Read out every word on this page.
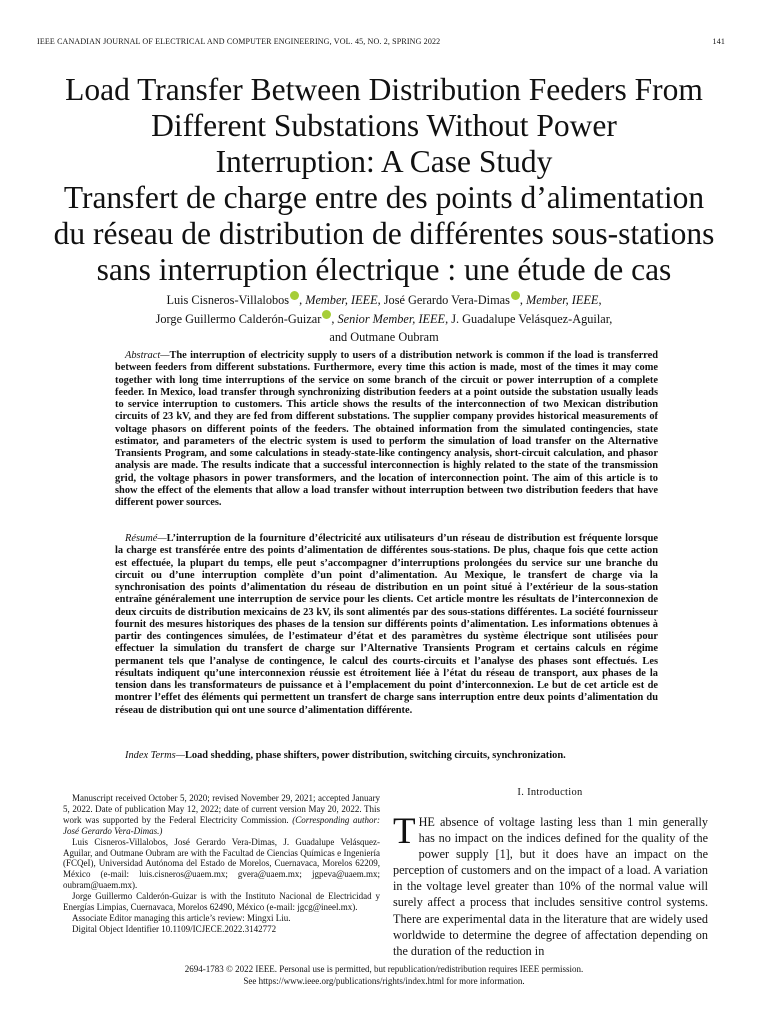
IEEE CANADIAN JOURNAL OF ELECTRICAL AND COMPUTER ENGINEERING, VOL. 45, NO. 2, SPRING 2022	141
Load Transfer Between Distribution Feeders From
Different Substations Without Power
Interruption: A Case Study
Transfert de charge entre des points d’alimentation
du réseau de distribution de différentes sous-stations
sans interruption électrique : une étude de cas
Luis Cisneros-Villalobos , Member, IEEE, José Gerardo Vera-Dimas , Member, IEEE,
Jorge Guillermo Calderón-Guizar , Senior Member, IEEE, J. Guadalupe Velásquez-Aguilar,
and Outmane Oubram
Abstract—The interruption of electricity supply to users of a distribution network is common if the load is transferred between feeders from different substations. Furthermore, every time this action is made, most of the times it may come together with long time interruptions of the service on some branch of the circuit or power interruption of a complete feeder. In Mexico, load transfer through synchronizing distribution feeders at a point outside the substation usually leads to service interruption to customers. This article shows the results of the interconnection of two Mexican distribution circuits of 23 kV, and they are fed from different substations. The supplier company provides historical measurements of voltage phasors on different points of the feeders. The obtained information from the simulated contingencies, state estimator, and parameters of the electric system is used to perform the simulation of load transfer on the Alternative Transients Program, and some calculations in steady-state-like contingency analysis, short-circuit calculation, and phasor analysis are made. The results indicate that a successful interconnection is highly related to the state of the transmission grid, the voltage phasors in power transformers, and the location of interconnection point. The aim of this article is to show the effect of the elements that allow a load transfer without interruption between two distribution feeders that have different power sources.
Résumé—L’interruption de la fourniture d’électricité aux utilisateurs d’un réseau de distribution est fréquente lorsque la charge est transférée entre des points d’alimentation de différentes sous-stations. De plus, chaque fois que cette action est effectuée, la plupart du temps, elle peut s’accompagner d’interruptions prolongées du service sur une branche du circuit ou d’une interruption complète d’un point d’alimentation. Au Mexique, le transfert de charge via la synchronisation des points d’alimentation du réseau de distribution en un point situé à l’extérieur de la sous-station entraîne généralement une interruption de service pour les clients. Cet article montre les résultats de l’interconnexion de deux circuits de distribution mexicains de 23 kV, ils sont alimentés par des sous-stations différentes. La société fournisseur fournit des mesures historiques des phases de la tension sur différents points d’alimentation. Les informations obtenues à partir des contingences simulées, de l’estimateur d’état et des paramètres du système électrique sont utilisées pour effectuer la simulation du transfert de charge sur l’Alternative Transients Program et certains calculs en régime permanent tels que l’analyse de contingence, le calcul des courts-circuits et l’analyse des phases sont effectués. Les résultats indiquent qu’une interconnexion réussie est étroitement liée à l’état du réseau de transport, aux phases de la tension dans les transformateurs de puissance et à l’emplacement du point d’interconnexion. Le but de cet article est de montrer l’effet des éléments qui permettent un transfert de charge sans interruption entre deux points d’alimentation du réseau de distribution qui ont une source d’alimentation différente.
Index Terms—Load shedding, phase shifters, power distribution, switching circuits, synchronization.

Manuscript received October 5, 2020; revised November 29, 2021; accepted January 5, 2022. Date of publication May 12, 2022; date of current version May 20, 2022. This work was supported by the Federal Electricity Commission. (Corresponding author: José Gerardo Vera-Dimas.)

Luis Cisneros-Villalobos, José Gerardo Vera-Dimas, J. Guadalupe Velásquez-Aguilar, and Outmane Oubram are with the Facultad de Ciencias Químicas e Ingeniería (FCQeI), Universidad Autónoma del Estado de Morelos, Cuernavaca, Morelos 62209, México (e-mail: luis.cisneros@uaem.mx; gvera@uaem.mx; jgpeva@uaem.mx; oubram@uaem.mx).

Jorge Guillermo Calderón-Guizar is with the Instituto Nacional de Electricidad y Energías Limpias, Cuernavaca, Morelos 62490, México (e-mail: jgcg@ineel.mx).

Associate Editor managing this article’s review: Mingxi Liu.

Digital Object Identifier 10.1109/ICJECE.2022.3142772

I. Introduction
THE absence of voltage lasting less than 1 min generally has no impact on the indices defined for the quality of the power supply [1], but it does have an impact on the perception of customers and on the impact of a load. A variation in the voltage level greater than 10% of the normal value will surely affect a process that includes sensitive control systems. There are experimental data in the literature that are widely used worldwide to determine the degree of affectation depending on the duration of the reduction in
2694-1783 © 2022 IEEE. Personal use is permitted, but republication/redistribution requires IEEE permission.
See https://www.ieee.org/publications/rights/index.html for more information.
